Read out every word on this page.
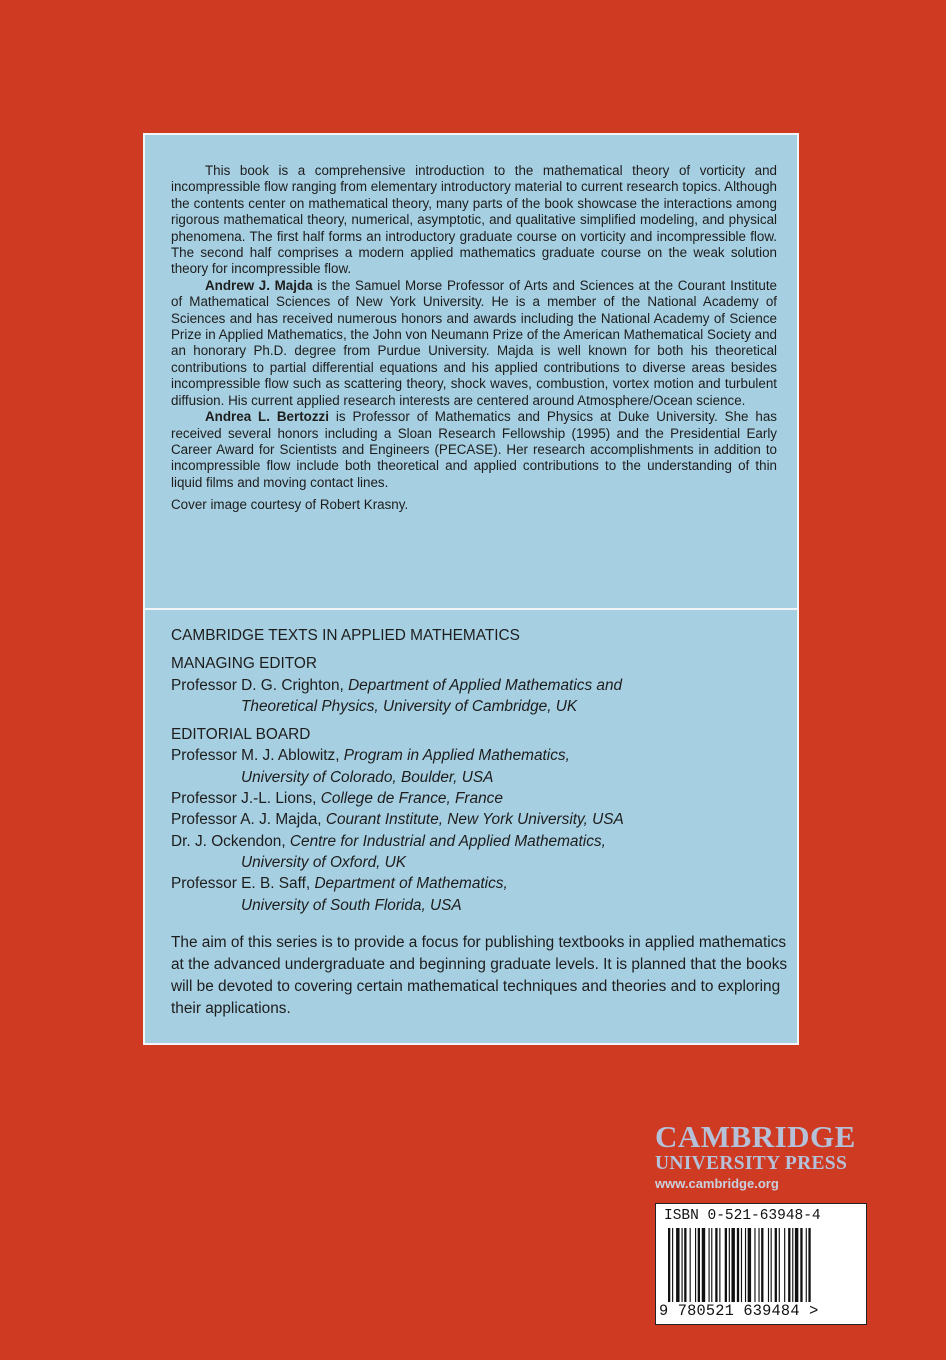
This book is a comprehensive introduction to the mathematical theory of vorticity and incompressible flow ranging from elementary introductory material to current research topics. Although the contents center on mathematical theory, many parts of the book showcase the interactions among rigorous mathematical theory, numerical, asymptotic, and qualitative simplified modeling, and physical phenomena. The first half forms an introductory graduate course on vorticity and incompressible flow. The second half comprises a modern applied mathematics graduate course on the weak solution theory for incompressible flow.

Andrew J. Majda is the Samuel Morse Professor of Arts and Sciences at the Courant Institute of Mathematical Sciences of New York University. He is a member of the National Academy of Sciences and has received numerous honors and awards including the National Academy of Science Prize in Applied Mathematics, the John von Neumann Prize of the American Mathematical Society and an honorary Ph.D. degree from Purdue University. Majda is well known for both his theoretical contributions to partial differential equations and his applied contributions to diverse areas besides incompressible flow such as scattering theory, shock waves, combustion, vortex motion and turbulent diffusion. His current applied research interests are centered around Atmosphere/Ocean science.

Andrea L. Bertozzi is Professor of Mathematics and Physics at Duke University. She has received several honors including a Sloan Research Fellowship (1995) and the Presidential Early Career Award for Scientists and Engineers (PECASE). Her research accomplishments in addition to incompressible flow include both theoretical and applied contributions to the understanding of thin liquid films and moving contact lines.

Cover image courtesy of Robert Krasny.

CAMBRIDGE TEXTS IN APPLIED MATHEMATICS
MANAGING EDITOR
Professor D. G. Crighton, Department of Applied Mathematics and
Theoretical Physics, University of Cambridge, UK
EDITORIAL BOARD
Professor M. J. Ablowitz, Program in Applied Mathematics,
University of Colorado, Boulder, USA
Professor J.-L. Lions, College de France, France
Professor A. J. Majda, Courant Institute, New York University, USA
Dr. J. Ockendon, Centre for Industrial and Applied Mathematics,
University of Oxford, UK
Professor E. B. Saff, Department of Mathematics,
University of South Florida, USA

The aim of this series is to provide a focus for publishing textbooks in applied mathematics at the advanced undergraduate and beginning graduate levels. It is planned that the books will be devoted to covering certain mathematical techniques and theories and to exploring their applications.

CAMBRIDGE
UNIVERSITY PRESS
www.cambridge.org
ISBN 0-521-63948-4
9 780521 639484 >
